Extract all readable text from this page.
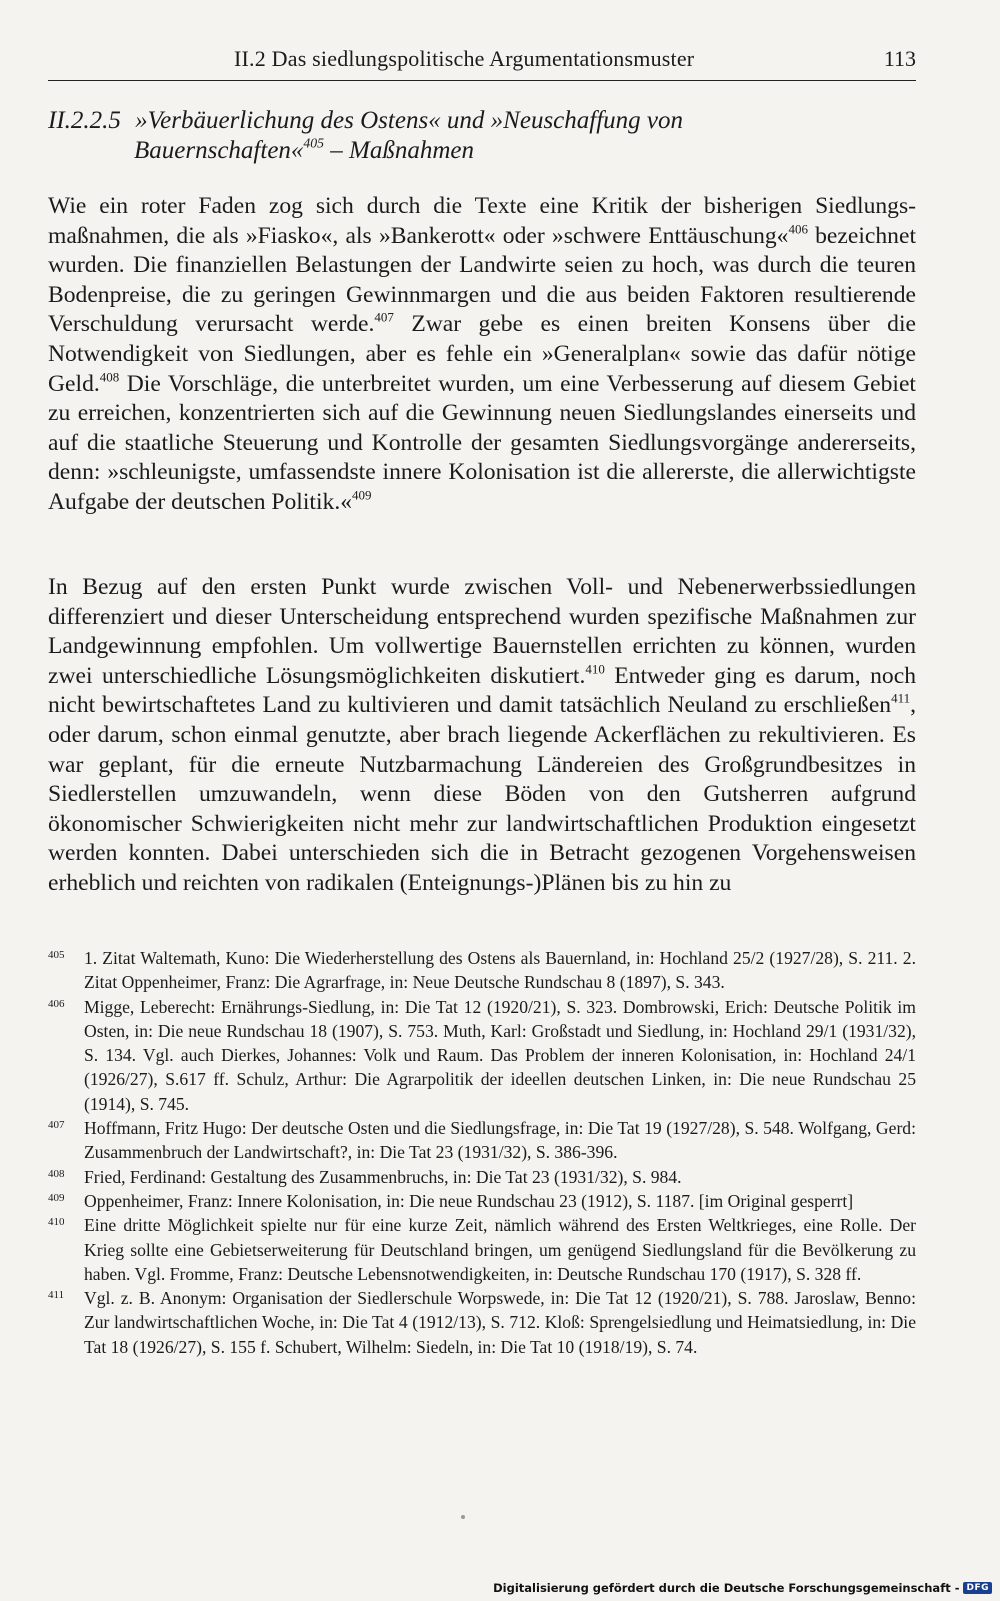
II.2 Das siedlungspolitische Argumentationsmuster	113
II.2.2.5 »Verbäuerlichung des Ostens« und »Neuschaffung von
Bauernschaften«$^{405}$ – Maßnahmen

Wie ein roter Faden zog sich durch die Texte eine Kritik der bisherigen Siedlungsmaßnahmen, die als »Fiasko«, als »Bankerott« oder »schwere Enttäuschung«$^{406}$ bezeichnet wurden. Die finanziellen Belastungen der Landwirte seien zu hoch, was durch die teuren Bodenpreise, die zu geringen Gewinnmargen und die aus beiden Faktoren resultierende Verschuldung verursacht werde.$^{407}$ Zwar gebe es einen breiten Konsens über die Notwendigkeit von Siedlungen, aber es fehle ein »Generalplan« sowie das dafür nötige Geld.$^{408}$ Die Vorschläge, die unterbreitet wurden, um eine Verbesserung auf diesem Gebiet zu erreichen, konzentrierten sich auf die Gewinnung neuen Siedlungslandes einerseits und auf die staatliche Steuerung und Kontrolle der gesamten Siedlungsvorgänge andererseits, denn: »schleunigste, umfassendste innere Kolonisation ist die allererste, die allerwichtigste Aufgabe der deutschen Politik.«$^{409}$

In Bezug auf den ersten Punkt wurde zwischen Voll- und Nebenerwerbssiedlungen differenziert und dieser Unterscheidung entsprechend wurden spezifische Maßnahmen zur Landgewinnung empfohlen. Um vollwertige Bauernstellen errichten zu können, wurden zwei unterschiedliche Lösungsmöglichkeiten diskutiert.$^{410}$ Entweder ging es darum, noch nicht bewirtschaftetes Land zu kultivieren und damit tatsächlich Neuland zu erschließen$^{411}$, oder darum, schon einmal genutzte, aber brach liegende Ackerflächen zu rekultivieren. Es war geplant, für die erneute Nutzbarmachung Ländereien des Großgrundbesitzes in Siedlerstellen umzuwandeln, wenn diese Böden von den Gutsherren aufgrund ökonomischer Schwierigkeiten nicht mehr zur landwirtschaftlichen Produktion eingesetzt werden konnten. Dabei unterschieden sich die in Betracht gezogenen Vorgehensweisen erheblich und reichten von radikalen (Enteignungs-)Plänen bis zu hin zu

405 1. Zitat Waltemath, Kuno: Die Wiederherstellung des Ostens als Bauernland, in: Hochland 25/2 (1927/28), S. 211. 2. Zitat Oppenheimer, Franz: Die Agrarfrage, in: Neue Deutsche Rundschau 8 (1897), S. 343.

406 Migge, Leberecht: Ernährungs-Siedlung, in: Die Tat 12 (1920/21), S. 323. Dombrowski, Erich: Deutsche Politik im Osten, in: Die neue Rundschau 18 (1907), S. 753. Muth, Karl: Großstadt und Siedlung, in: Hochland 29/1 (1931/32), S. 134. Vgl. auch Dierkes, Johannes: Volk und Raum. Das Problem der inneren Kolonisation, in: Hochland 24/1 (1926/27), S.617 ff. Schulz, Arthur: Die Agrarpolitik der ideellen deutschen Linken, in: Die neue Rundschau 25 (1914), S. 745.

407 Hoffmann, Fritz Hugo: Der deutsche Osten und die Siedlungsfrage, in: Die Tat 19 (1927/28), S. 548. Wolfgang, Gerd: Zusammenbruch der Landwirtschaft?, in: Die Tat 23 (1931/32), S. 386-396.

408 Fried, Ferdinand: Gestaltung des Zusammenbruchs, in: Die Tat 23 (1931/32), S. 984.

409 Oppenheimer, Franz: Innere Kolonisation, in: Die neue Rundschau 23 (1912), S. 1187. [im Original gesperrt]

410 Eine dritte Möglichkeit spielte nur für eine kurze Zeit, nämlich während des Ersten Weltkrieges, eine Rolle. Der Krieg sollte eine Gebietserweiterung für Deutschland bringen, um genügend Siedlungsland für die Bevölkerung zu haben. Vgl. Fromme, Franz: Deutsche Lebensnotwendigkeiten, in: Deutsche Rundschau 170 (1917), S. 328 ff.

411 Vgl. z. B. Anonym: Organisation der Siedlerschule Worpswede, in: Die Tat 12 (1920/21), S. 788. Jaroslaw, Benno: Zur landwirtschaftlichen Woche, in: Die Tat 4 (1912/13), S. 712. Kloß: Sprengelsiedlung und Heimatsiedlung, in: Die Tat 18 (1926/27), S. 155 f. Schubert, Wilhelm: Siedeln, in: Die Tat 10 (1918/19), S. 74.

Digitalisierung gefördert durch die Deutsche Forschungsgemeinschaft - DFG
